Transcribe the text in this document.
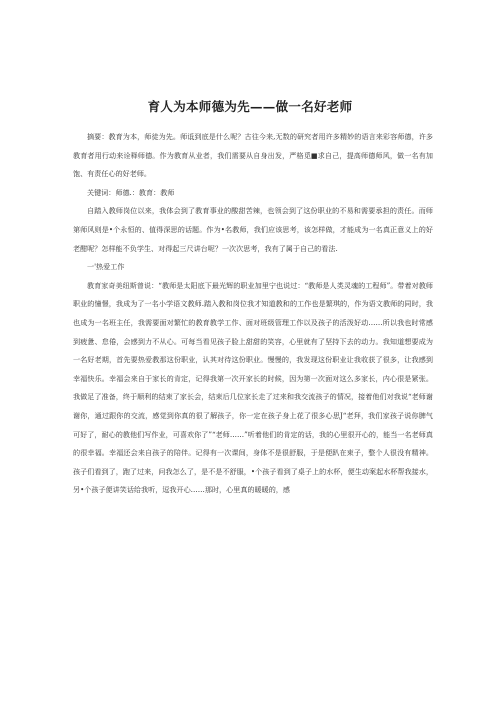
育人为本师德为先——做一名好老师

摘要：教育为本，师徒为先。师诋到底是什么呢？古往今来,无数的研究者用许多精妙的语言来彩容师德，许多教育者用行动来诠释师德。作为教育从业者，我们需要从自身出发，严格觅■求自己，提高师德师风，做一名有加饱、有责任心的好老师。

关键词：师德.：教育：教师

自踏入教师岗位以来，我体会到了教育事业的酸甜苦辣，也领会到了这份职业的不易和需要承担的责任。而师第师风则是•个永恒的、值得深思的话题。作为•名教师，我们应该思考，该怎样做，才能成为一名真正意义上的好老酣呢？怎样能不负学生、对得起三尺讲台呢？一次次思考，我有了属于自己的看法.

一'热爱工作

教育家奇美纽斯曾说：“教师是太阳底下最光辉的职业加里宁也说过：“教师是人类灵魂的工程师”。带着对教师职业的憧憬，我成为了一名小学语文教师.踏入教和岗位我才知道教和的工作也是繁琪的，作为语文教师的同时，我也成为一名班主任，我需要面对繁忙的教育教学工作、面对班级管理工作以及孩子的活泼好动……所以我也时常感到疲惫、怠倦，会感到力不从心。可每当看见孩子脸上甜甜的笑容，心里就有了坚持下去的动力。我知道想要成为一名好老期，首先要热爱教那这份职业，认其对待这份职业。慢慢的，我发现这份职业让我收获了很多，让我感到幸福快乐。幸福会来自于家长的肯定，记得我第一次开家长的时候，因为第一次面对这么多家长，内心很是紧张。我做足了准备，终于顺利的结束了家长会，结束后几位家长走了过来和我交流孩子的情况，接着他们对我说“老师谢谢你，通过跟你的交流，感觉到你真的很了解孩子，你一定在孩子身上花了很多心思J“老拜，我们家孩子说你脾气可好了，耐心的教他们写作业，可喜欢你了”“老师……”听着他们的肯定的话，我的心里很开心的，能当一名老师真的很幸福。幸福还会来自孩子的陪伴。记得有一次课间，身体不是很舒服，于是便趴在束子，整个人很没有精神。孩子们看到了，跑了过来，问我怎么了，是不是不舒服，•个孩子看到了桌子上的水杯，便生动案起水杯帮我接水，另•个孩子便讲笑话给我听，逗我开心……那时，心里真的暖暖的，感
